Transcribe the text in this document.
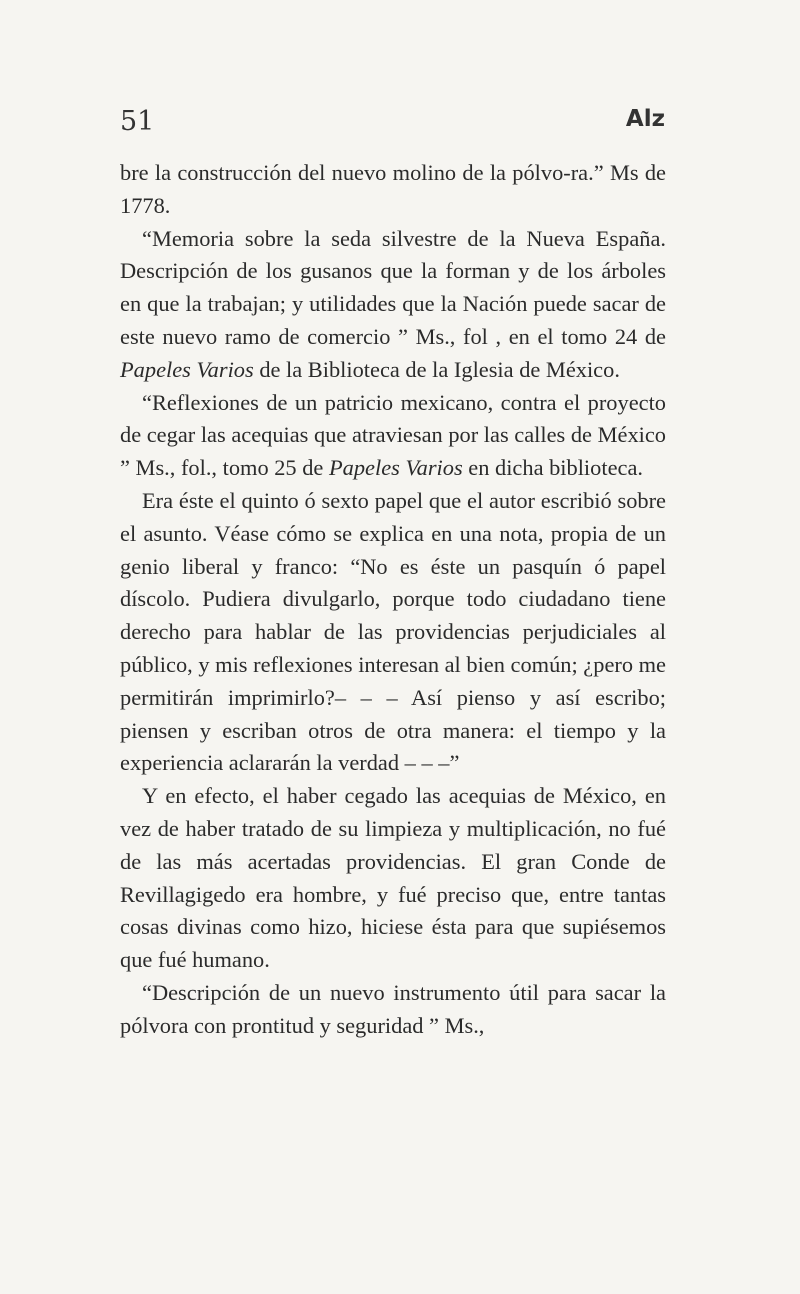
51	Alz

bre la construcción del nuevo molino de la pólvo-ra.” Ms de 1778.

“Memoria sobre la seda silvestre de la Nueva España. Descripción de los gusanos que la forman y de los árboles en que la trabajan; y utilidades que la Nación puede sacar de este nuevo ramo de comercio ” Ms., fol , en el tomo 24 de Papeles Varios de la Biblioteca de la Iglesia de México.

“Reflexiones de un patricio mexicano, contra el proyecto de cegar las acequias que atraviesan por las calles de México ” Ms., fol., tomo 25 de Papeles Varios en dicha biblioteca.

Era éste el quinto ó sexto papel que el autor escribió sobre el asunto. Véase cómo se explica en una nota, propia de un genio liberal y franco: “No es éste un pasquín ó papel díscolo. Pudiera divulgarlo, porque todo ciudadano tiene derecho para hablar de las providencias perjudiciales al público, y mis reflexiones interesan al bien común; ¿pero me permitirán imprimirlo?– – – Así pienso y así escribo; piensen y escriban otros de otra manera: el tiempo y la experiencia aclararán la verdad – – –”

Y en efecto, el haber cegado las acequias de México, en vez de haber tratado de su limpieza y multiplicación, no fué de las más acertadas providencias. El gran Conde de Revillagigedo era hombre, y fué preciso que, entre tantas cosas divinas como hizo, hiciese ésta para que supiésemos que fué humano.

“Descripción de un nuevo instrumento útil para sacar la pólvora con prontitud y seguridad ” Ms.,
